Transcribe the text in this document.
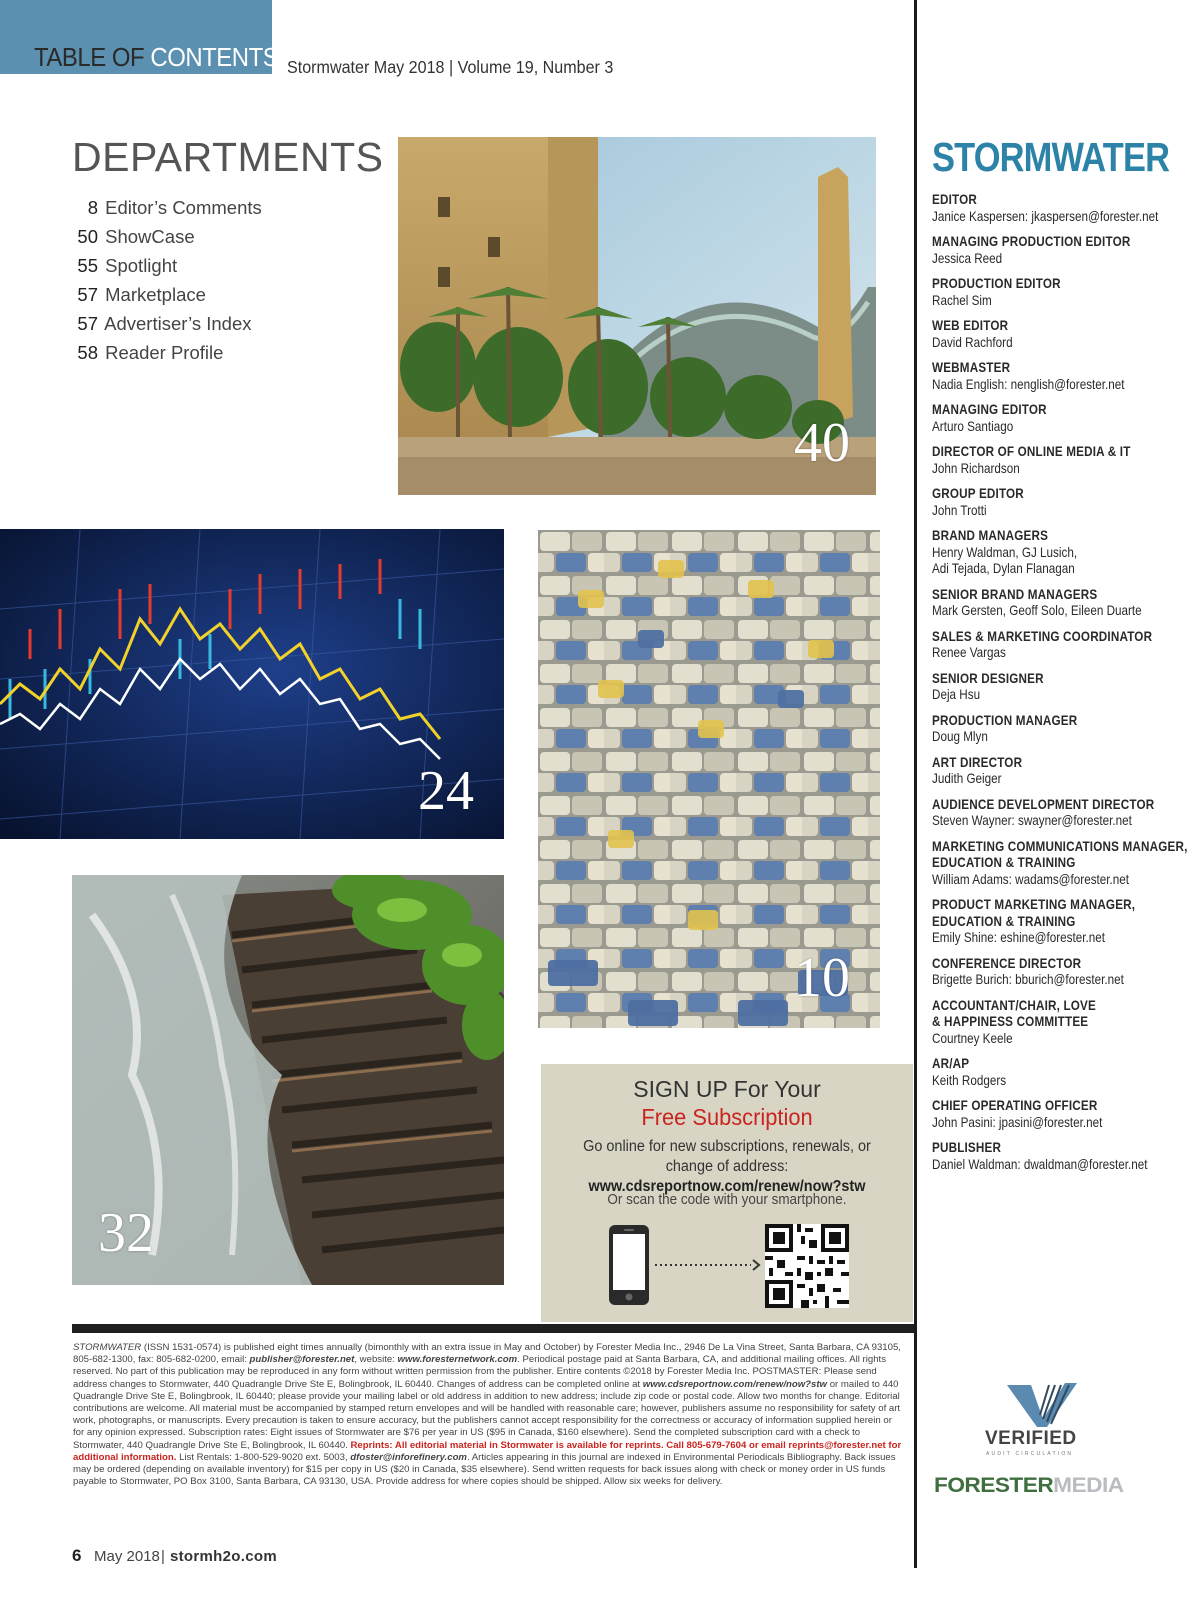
TABLE OF CONTENTS Stormwater May 2018 | Volume 19, Number 3
DEPARTMENTS
8 Editor’s Comments
50 ShowCase
55 Spotlight
57 Marketplace
57 Advertiser’s Index
58 Reader Profile
40
24
10
32
SIGN UP For Your
Free Subscription
Go online for new subscriptions, renewals, or change of address: www.cdsreportnow.com/renew/now?stw
Or scan the code with your smartphone.
STORMWATER
EDITOR
Janice Kaspersen: jkaspersen@forester.net
MANAGING PRODUCTION EDITOR
Jessica Reed
PRODUCTION EDITOR
Rachel Sim
WEB EDITOR
David Rachford
WEBMASTER
Nadia English: nenglish@forester.net
MANAGING EDITOR
Arturo Santiago
DIRECTOR OF ONLINE MEDIA & IT
John Richardson
GROUP EDITOR
John Trotti
BRAND MANAGERS
Henry Waldman, GJ Lusich,
Adi Tejada, Dylan Flanagan
SENIOR BRAND MANAGERS
Mark Gersten, Geoff Solo, Eileen Duarte
SALES & MARKETING COORDINATOR
Renee Vargas
SENIOR DESIGNER
Deja Hsu
PRODUCTION MANAGER
Doug Mlyn
ART DIRECTOR
Judith Geiger
AUDIENCE DEVELOPMENT DIRECTOR
Steven Wayner: swayner@forester.net
MARKETING COMMUNICATIONS MANAGER,
EDUCATION & TRAINING
William Adams: wadams@forester.net
PRODUCT MARKETING MANAGER,
EDUCATION & TRAINING
Emily Shine: eshine@forester.net
CONFERENCE DIRECTOR
Brigette Burich: bburich@forester.net
ACCOUNTANT/CHAIR, LOVE
& HAPPINESS COMMITTEE
Courtney Keele
AR/AP
Keith Rodgers
CHIEF OPERATING OFFICER
John Pasini: jpasini@forester.net
PUBLISHER
Daniel Waldman: dwaldman@forester.net
STORMWATER (ISSN 1531-0574) is published eight times annually (bimonthly with an extra issue in May and October) by Forester Media Inc., 2946 De La Vina Street, Santa Barbara, CA 93105, 805-682-1300, fax: 805-682-0200, email: publisher@forester.net, website: www.foresternetwork.com. Periodical postage paid at Santa Barbara, CA, and additional mailing offices. All rights reserved. No part of this publication may be reproduced in any form without written permission from the publisher. Entire contents ©2018 by Forester Media Inc. POSTMASTER: Please send address changes to Stormwater, 440 Quadrangle Drive Ste E, Bolingbrook, IL 60440. Changes of address can be completed online at www.cdsreportnow.com/renew/now?stw or mailed to 440 Quadrangle Drive Ste E, Bolingbrook, IL 60440; please provide your mailing label or old address in addition to new address; include zip code or postal code. Allow two months for change. Editorial contributions are welcome. All material must be accompanied by stamped return envelopes and will be handled with reasonable care; however, publishers assume no responsibility for safety of art work, photographs, or manuscripts. Every precaution is taken to ensure accuracy, but the publishers cannot accept responsibility for the correctness or accuracy of information supplied herein or for any opinion expressed. Subscription rates: Eight issues of Stormwater are $76 per year in US ($95 in Canada, $160 elsewhere). Send the completed subscription card with a check to Stormwater, 440 Quadrangle Drive Ste E, Bolingbrook, IL 60440. Reprints: All editorial material in Stormwater is available for reprints. Call 805-679-7604 or email reprints@forester.net for additional information. List Rentals: 1-800-529-9020 ext. 5003, dfoster@inforefinery.com. Articles appearing in this journal are indexed in Environmental Periodicals Bibliography. Back issues may be ordered (depending on available inventory) for $15 per copy in US ($20 in Canada, $35 elsewhere). Send written requests for back issues along with check or money order in US funds payable to Stormwater, PO Box 3100, Santa Barbara, CA 93130, USA. Provide address for where copies should be shipped. Allow six weeks for delivery.
6 May 2018 | stormh2o.com
VERIFIED
AUDIT CIRCULATION
FORESTERMEDIA
